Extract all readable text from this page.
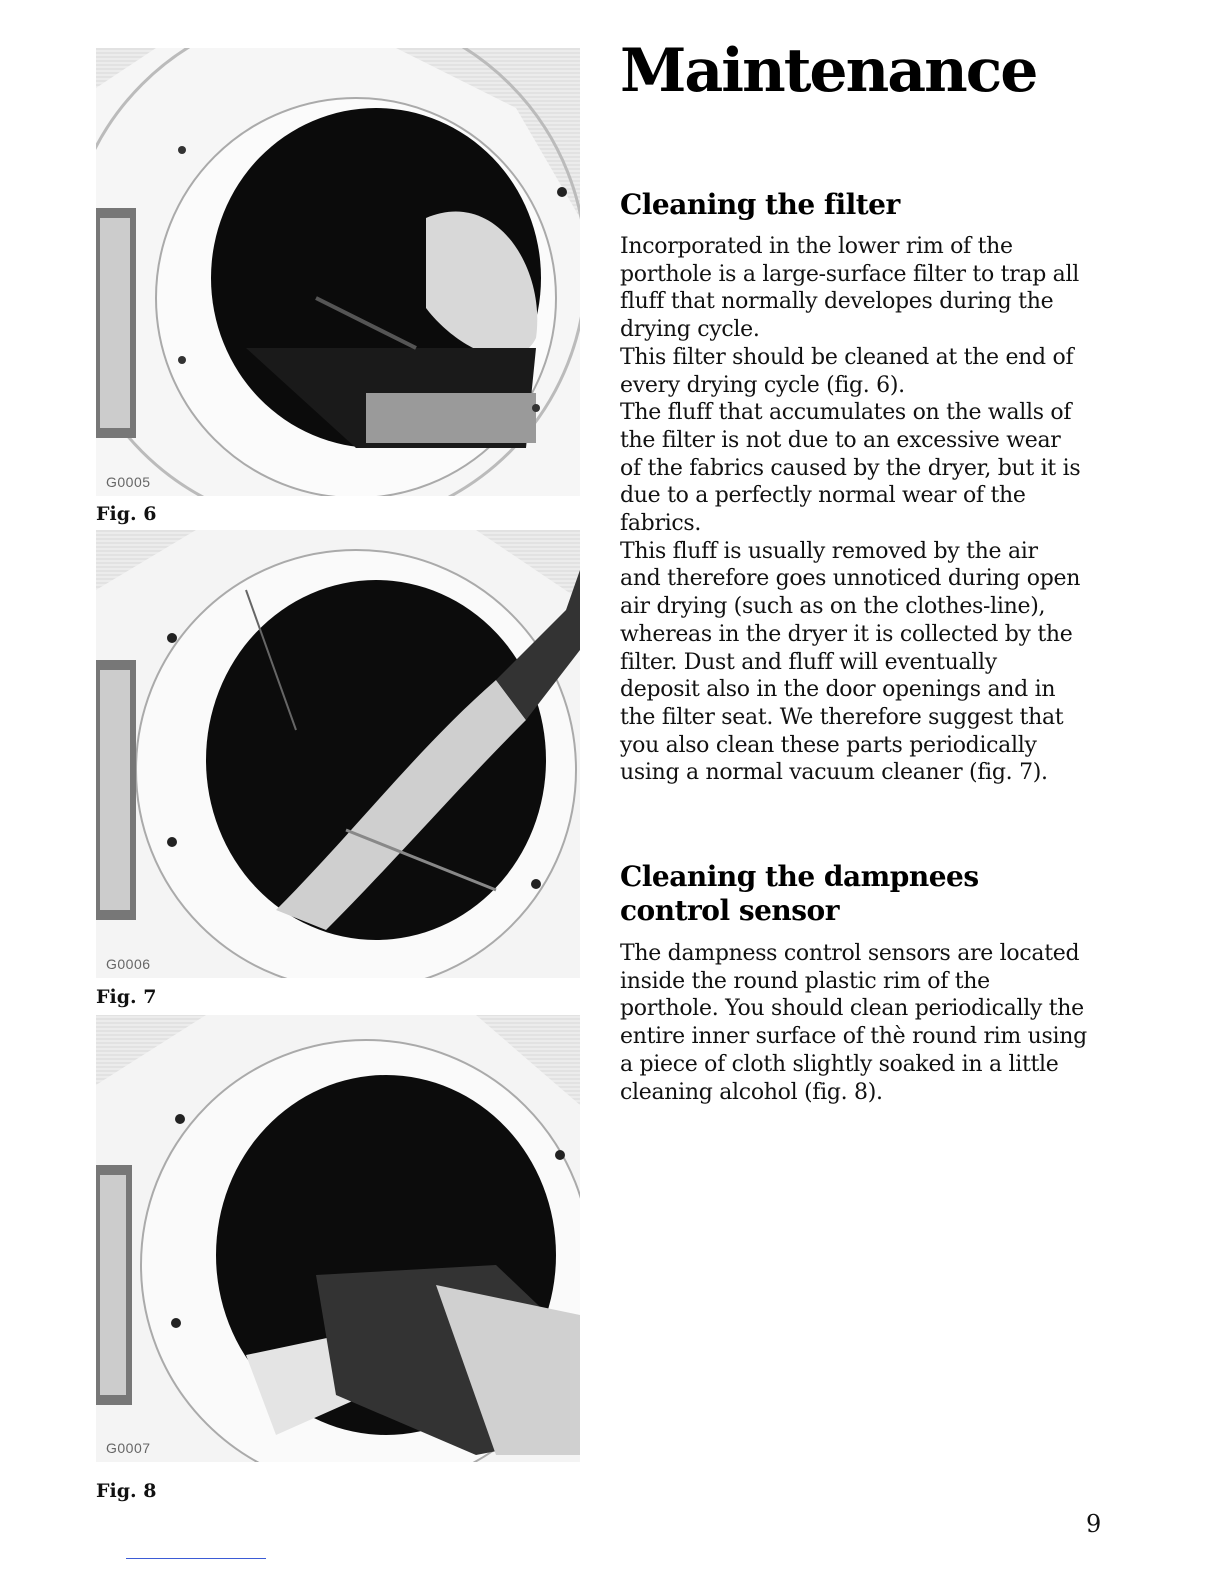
G0005
Fig. 6
G0006
Fig. 7
G0007
Fig. 8
Maintenance
Cleaning the filter

Incorporated in the lower rim of the
porthole is a large-surface filter to trap all
fluff that normally developes during the
drying cycle.
This filter should be cleaned at the end of
every drying cycle (fig. 6).
The fluff that accumulates on the walls of
the filter is not due to an excessive wear
of the fabrics caused by the dryer, but it is
due to a perfectly normal wear of the
fabrics.
This fluff is usually removed by the air
and therefore goes unnoticed during open
air drying (such as on the clothes-line),
whereas in the dryer it is collected by the
filter. Dust and fluff will eventually
deposit also in the door openings and in
the filter seat. We therefore suggest that
you also clean these parts periodically
using a normal vacuum cleaner (fig. 7).

Cleaning the dampnees control sensor

The dampness control sensors are located
inside the round plastic rim of the
porthole. You should clean periodically the
entire inner surface of thè round rim using
a piece of cloth slightly soaked in a little
cleaning alcohol (fig. 8).

9
